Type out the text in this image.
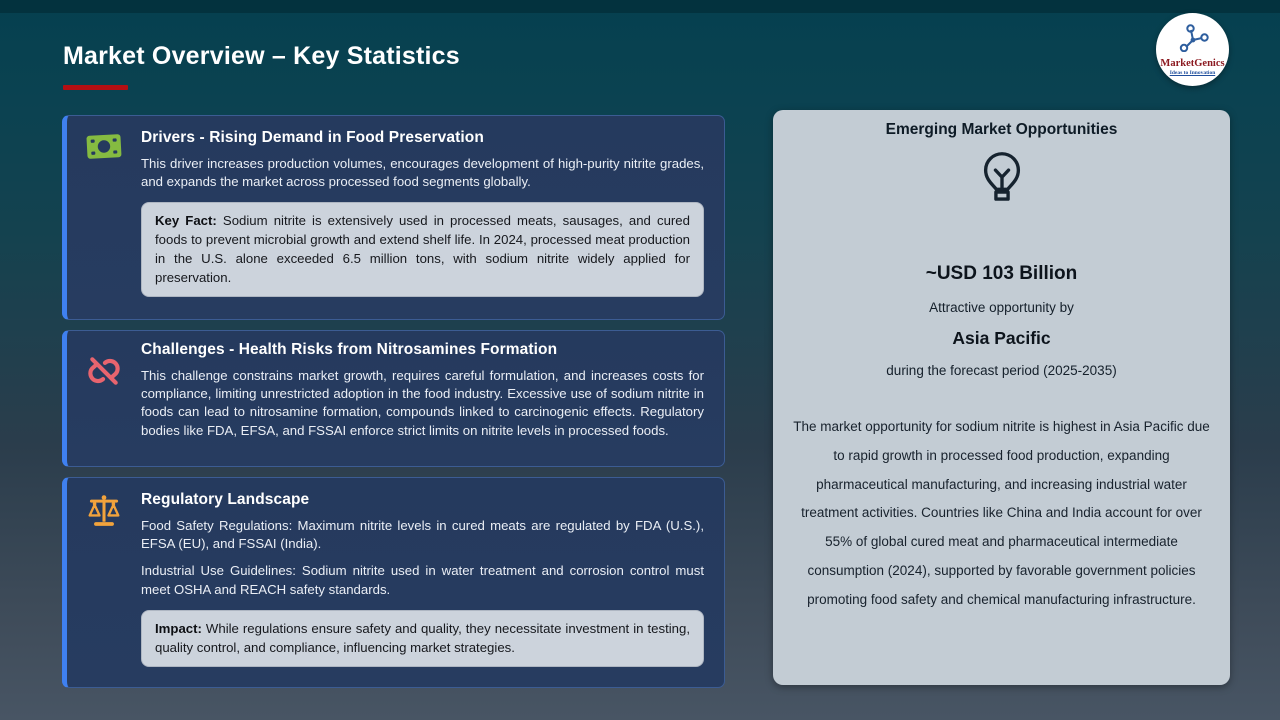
Market Overview – Key Statistics	MarketGenics
Ideas to Innovation
Drivers - Rising Demand in Food Preservation
This driver increases production volumes, encourages development of high-purity nitrite grades, and expands the market across processed food segments globally.
Key Fact: Sodium nitrite is extensively used in processed meats, sausages, and cured foods to prevent microbial growth and extend shelf life. In 2024, processed meat production in the U.S. alone exceeded 6.5 million tons, with sodium nitrite widely applied for preservation.
Challenges - Health Risks from Nitrosamines Formation
This challenge constrains market growth, requires careful formulation, and increases costs for compliance, limiting unrestricted adoption in the food industry. Excessive use of sodium nitrite in foods can lead to nitrosamine formation, compounds linked to carcinogenic effects. Regulatory bodies like FDA, EFSA, and FSSAI enforce strict limits on nitrite levels in processed foods.
Regulatory Landscape
Food Safety Regulations: Maximum nitrite levels in cured meats are regulated by FDA (U.S.), EFSA (EU), and FSSAI (India).
Industrial Use Guidelines: Sodium nitrite used in water treatment and corrosion control must meet OSHA and REACH safety standards.
Impact: While regulations ensure safety and quality, they necessitate investment in testing, quality control, and compliance, influencing market strategies.
Emerging Market Opportunities
~USD 103 Billion
Attractive opportunity by
Asia Pacific
during the forecast period (2025-2035)
The market opportunity for sodium nitrite is highest in Asia Pacific due to rapid growth in processed food production, expanding pharmaceutical manufacturing, and increasing industrial water treatment activities. Countries like China and India account for over 55% of global cured meat and pharmaceutical intermediate consumption (2024), supported by favorable government policies promoting food safety and chemical manufacturing infrastructure.
